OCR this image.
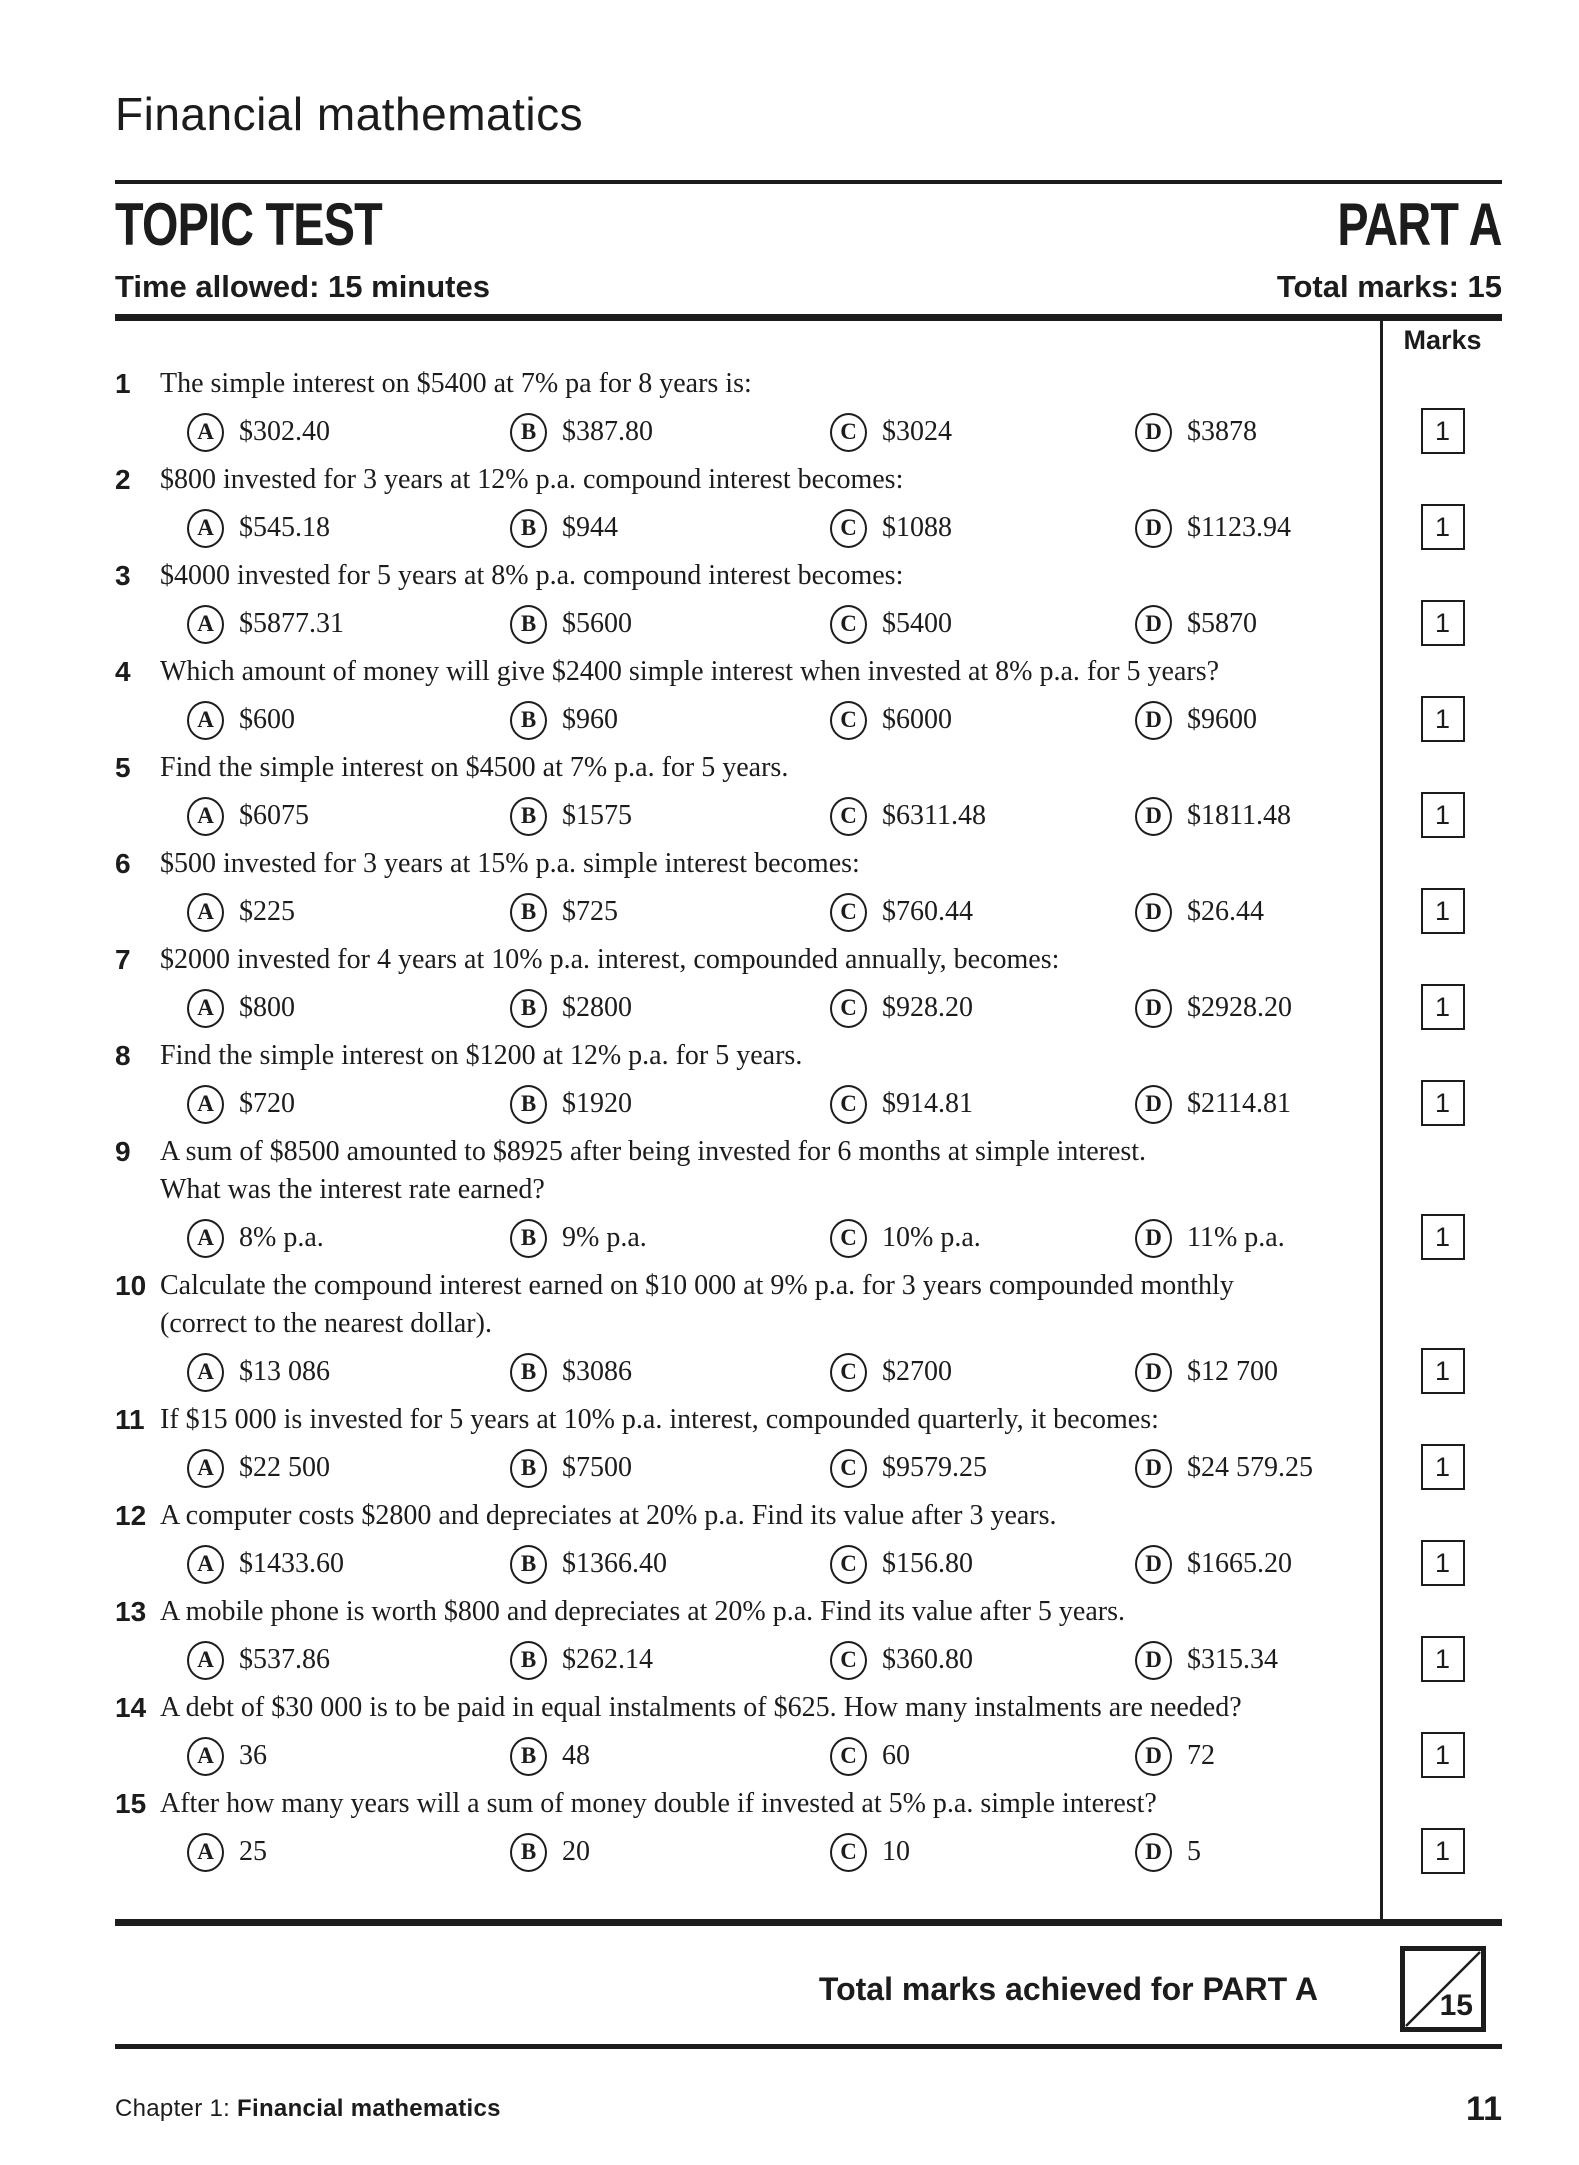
Financial mathematics
TOPIC TEST	PART A
Time allowed: 15 minutes	Total marks: 15
Marks
1	The simple interest on $5400 at 7% pa for 8 years is:
A $302.40	B $387.80	C $3024	D $3878	1
2	$800 invested for 3 years at 12% p.a. compound interest becomes:
A $545.18	B $944	C $1088	D $1123.94	1
3	$4000 invested for 5 years at 8% p.a. compound interest becomes:
A $5877.31	B $5600	C $5400	D $5870	1
4	Which amount of money will give $2400 simple interest when invested at 8% p.a. for 5 years?
A $600	B $960	C $6000	D $9600	1
5	Find the simple interest on $4500 at 7% p.a. for 5 years.
A $6075	B $1575	C $6311.48	D $1811.48	1
6	$500 invested for 3 years at 15% p.a. simple interest becomes:
A $225	B $725	C $760.44	D $26.44	1
7	$2000 invested for 4 years at 10% p.a. interest, compounded annually, becomes:
A $800	B $2800	C $928.20	D $2928.20	1
8	Find the simple interest on $1200 at 12% p.a. for 5 years.
A $720	B $1920	C $914.81	D $2114.81	1
9	A sum of $8500 amounted to $8925 after being invested for 6 months at simple interest.
What was the interest rate earned?
A 8% p.a.	B 9% p.a.	C 10% p.a.	D 11% p.a.	1
10 Calculate the compound interest earned on $10 000 at 9% p.a. for 3 years compounded monthly
(correct to the nearest dollar).
A $13 086	B $3086	C $2700	D $12 700	1
11 If $15 000 is invested for 5 years at 10% p.a. interest, compounded quarterly, it becomes:
A $22 500	B $7500	C $9579.25	D $24 579.25	1
12 A computer costs $2800 and depreciates at 20% p.a. Find its value after 3 years.
A $1433.60	B $1366.40	C $156.80	D $1665.20	1
13 A mobile phone is worth $800 and depreciates at 20% p.a. Find its value after 5 years.
A $537.86	B $262.14	C $360.80	D $315.34	1
14 A debt of $30 000 is to be paid in equal instalments of $625. How many instalments are needed?
A 36	B 48	C 60	D 72	1
15 After how many years will a sum of money double if invested at 5% p.a. simple interest?
A 25	B 20	C 10	D 5	1
Total marks achieved for PART A	15
Chapter 1: Financial mathematics	11
